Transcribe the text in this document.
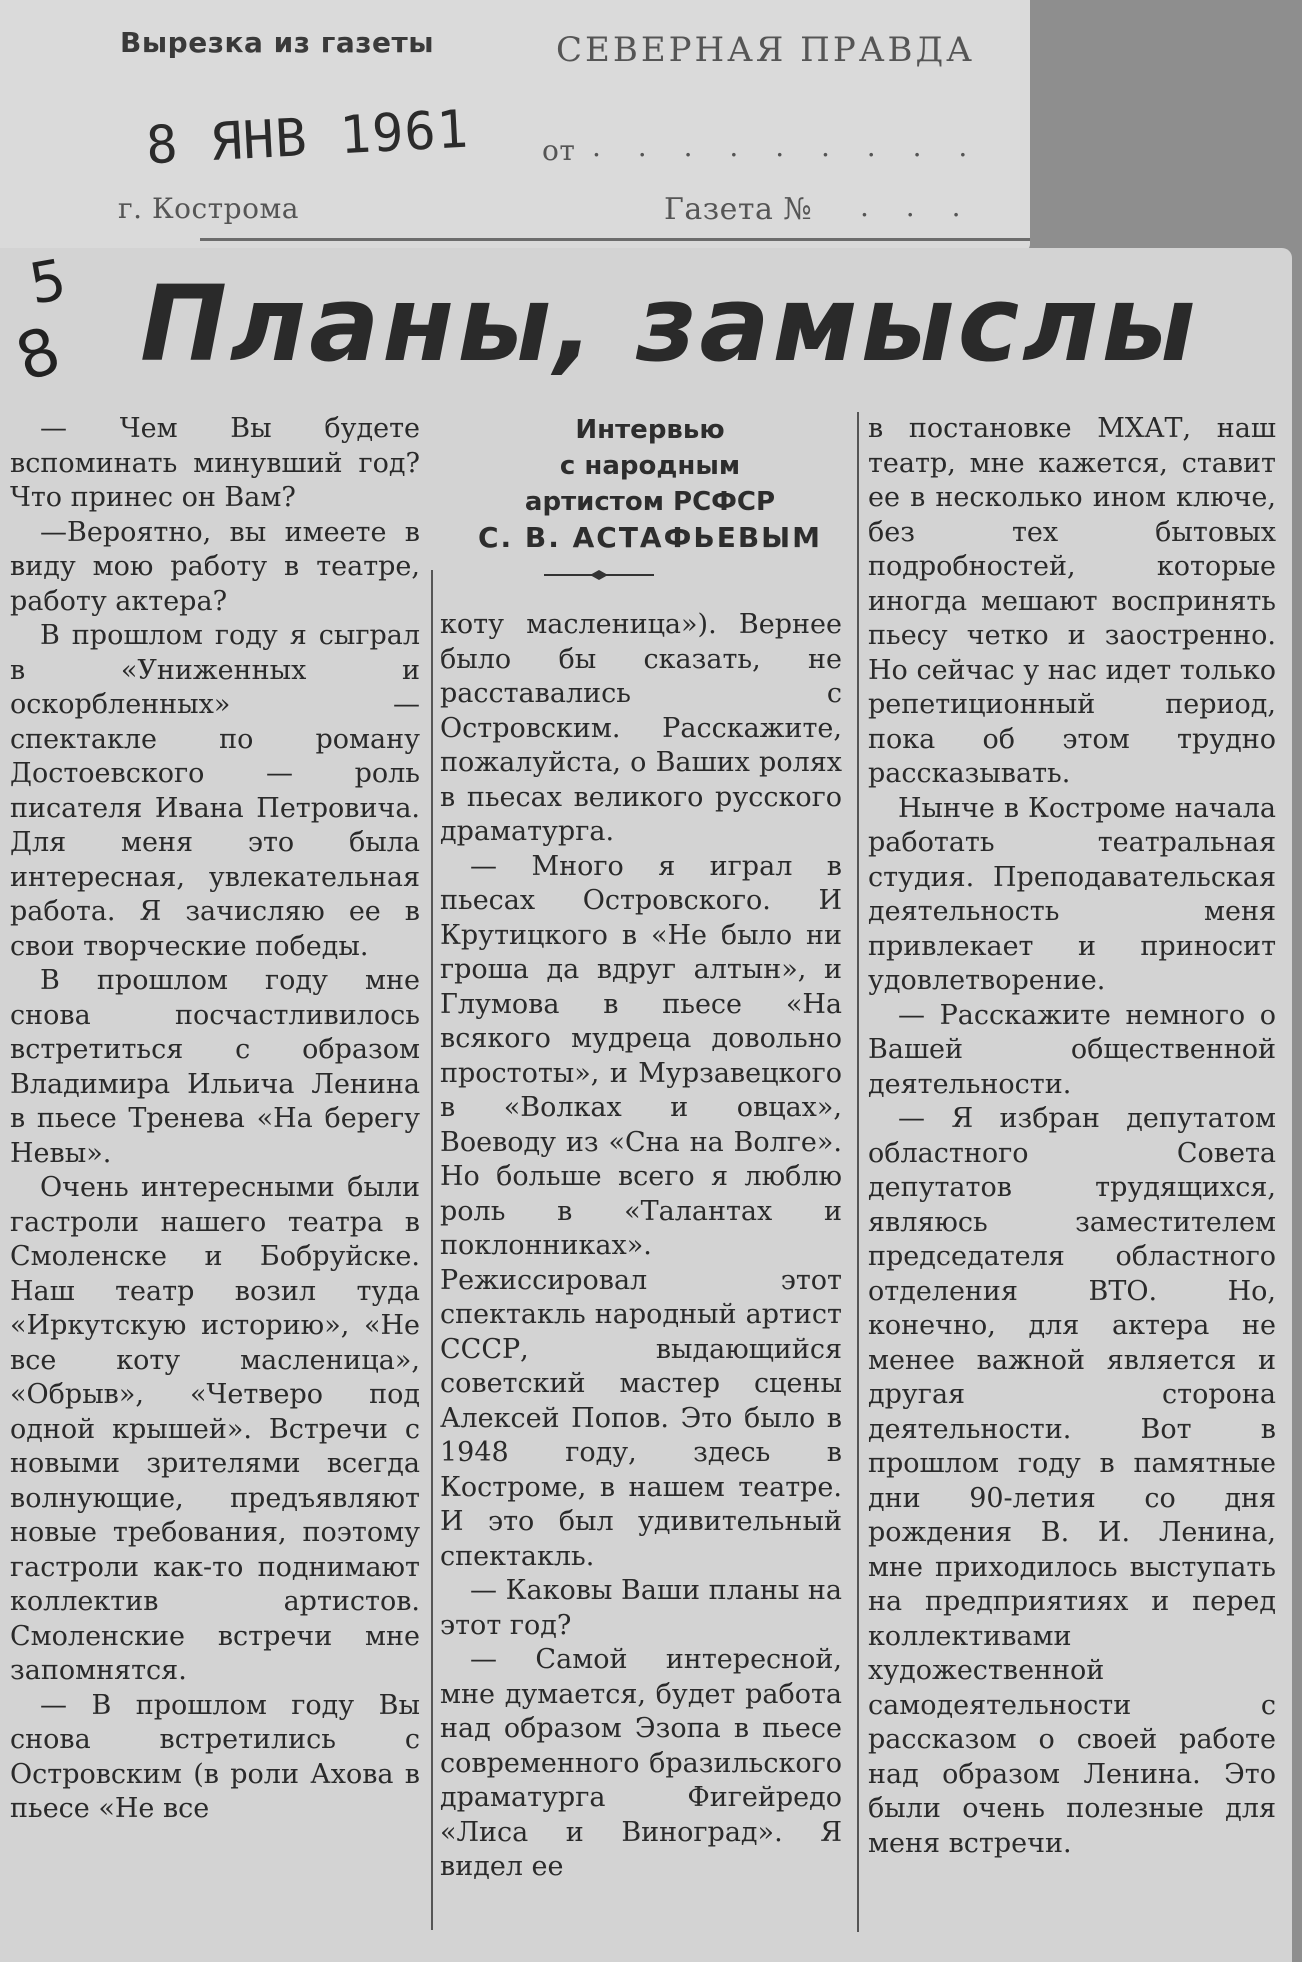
Вырезка из газеты	СЕВЕРНАЯ ПРАВДА
8 ЯНВ 1961	от . . . . . . . . .
г. Кострома	Газета № . . .
5
8 Планы, замыслы
Интервью
с народным
артистом РСФСР
С. В. АСТАФЬЕВЫМ

— Чем Вы будете вспоминать минувший год? Что принес он Вам?

—Вероятно, вы имеете в виду мою работу в театре, работу актера?

В прошлом году я сыграл в «Униженных и оскорбленных» — спектакле по роману Достоевского — роль писателя Ивана Петровича. Для меня это была интересная, увлекательная работа. Я зачисляю ее в свои творческие победы.

В прошлом году мне снова посчастливилось встретиться с образом Владимира Ильича Ленина в пьесе Тренева «На берегу Невы».

Очень интересными были гастроли нашего театра в Смоленске и Бобруйске. Наш театр возил туда «Иркутскую историю», «Не все коту масленица», «Обрыв», «Четверо под одной крышей». Встречи с новыми зрителями всегда волнующие, предъявляют новые требования, поэтому гастроли как-то поднимают коллектив артистов. Смоленские встречи мне запомнятся.

— В прошлом году Вы снова встретились с Островским (в роли Ахова в пьесе «Не все

коту масленица»). Вернее было бы сказать, не расставались с Островским. Расскажите, пожалуйста, о Ваших ролях в пьесах великого русского драматурга.

— Много я играл в пьесах Островского. И Крутицкого в «Не было ни гроша да вдруг алтын», и Глумова в пьесе «На всякого мудреца довольно простоты», и Мурзавецкого в «Волках и овцах», Воеводу из «Сна на Волге». Но больше всего я люблю роль в «Талантах и поклонниках». Режиссировал этот спектакль народный артист СССР, выдающийся советский мастер сцены Алексей Попов. Это было в 1948 году, здесь в Костроме, в нашем театре. И это был удивительный спектакль.

— Каковы Ваши планы на этот год?

— Самой интересной, мне думается, будет работа над образом Эзопа в пьесе современного бразильского драматурга Фигейредо «Лиса и Виноград». Я видел ее

в постановке МХАТ, наш театр, мне кажется, ставит ее в несколько ином ключе, без тех бытовых подробностей, которые иногда мешают воспринять пьесу четко и заостренно. Но сейчас у нас идет только репетиционный период, пока об этом трудно рассказывать.

Нынче в Костроме начала работать театральная студия. Преподавательская деятельность меня привлекает и приносит удовлетворение.

— Расскажите немного о Вашей общественной деятельности.

— Я избран депутатом областного Совета депутатов трудящихся, являюсь заместителем председателя областного отделения ВТО. Но, конечно, для актера не менее важной является и другая сторона деятельности. Вот в прошлом году в памятные дни 90-летия со дня рождения В. И. Ленина, мне приходилось выступать на предприятиях и перед коллективами художественной самодеятельности с рассказом о своей работе над образом Ленина. Это были очень полезные для меня встречи.
